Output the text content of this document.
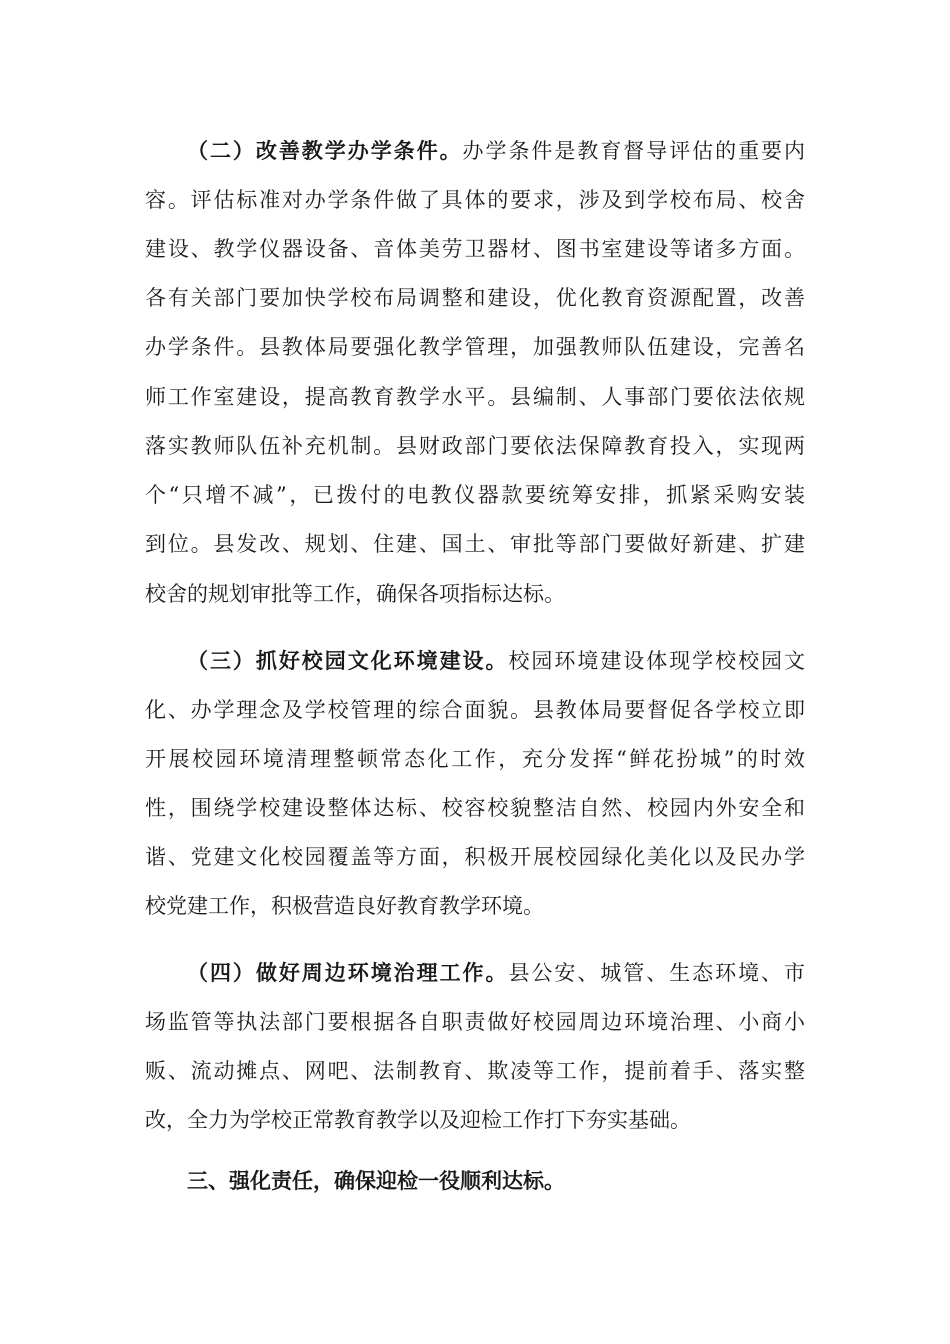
（二）改善教学办学条件。办学条件是教育督导评估的重要内
容。评估标准对办学条件做了具体的要求，涉及到学校布局、校舍
建设、教学仪器设备、音体美劳卫器材、图书室建设等诸多方面。
各有关部门要加快学校布局调整和建设，优化教育资源配置，改善
办学条件。县教体局要强化教学管理，加强教师队伍建设，完善名
师工作室建设，提高教育教学水平。县编制、人事部门要依法依规
落实教师队伍补充机制。县财政部门要依法保障教育投入，实现两
个“只增不减”，已拨付的电教仪器款要统筹安排，抓紧采购安装
到位。县发改、规划、住建、国土、审批等部门要做好新建、扩建
校舍的规划审批等工作，确保各项指标达标。
（三）抓好校园文化环境建设。校园环境建设体现学校校园文
化、办学理念及学校管理的综合面貌。县教体局要督促各学校立即
开展校园环境清理整顿常态化工作，充分发挥“鲜花扮城”的时效
性，围绕学校建设整体达标、校容校貌整洁自然、校园内外安全和
谐、党建文化校园覆盖等方面，积极开展校园绿化美化以及民办学
校党建工作，积极营造良好教育教学环境。
（四）做好周边环境治理工作。县公安、城管、生态环境、市
场监管等执法部门要根据各自职责做好校园周边环境治理、小商小
贩、流动摊点、网吧、法制教育、欺凌等工作，提前着手、落实整
改，全力为学校正常教育教学以及迎检工作打下夯实基础。
三、强化责任，确保迎检一役顺利达标。
